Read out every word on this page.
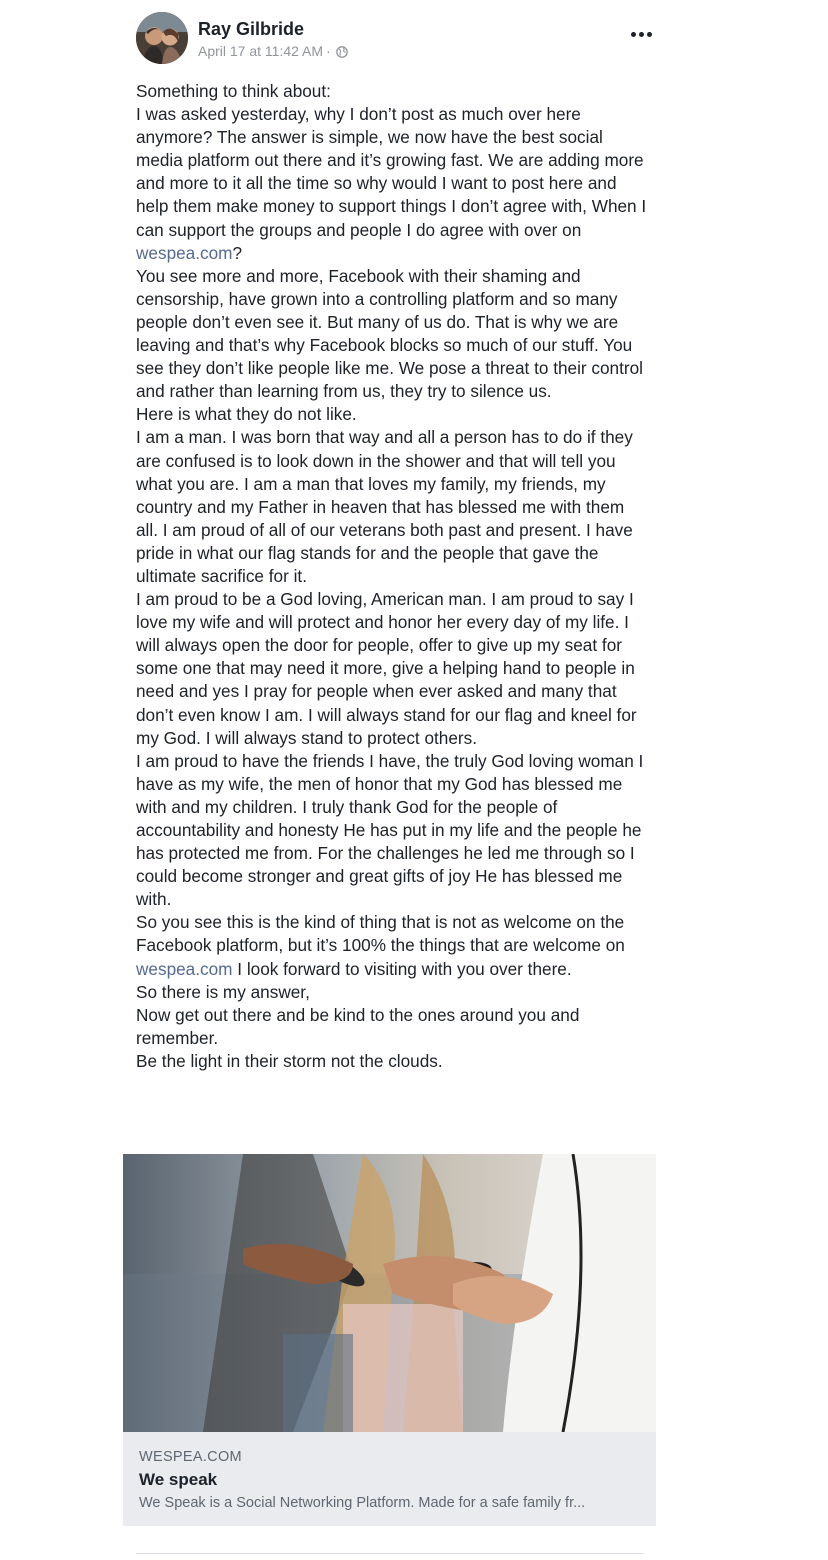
Ray Gilbride
April 17 at 11:42 AM ·

Something to think about:

I was asked yesterday, why I don’t post as much over here anymore? The answer is simple, we now have the best social media platform out there and it’s growing fast. We are adding more and more to it all the time so why would I want to post here and help them make money to support things I don’t agree with, When I can support the groups and people I do agree with over on wespea.com?

You see more and more, Facebook with their shaming and censorship, have grown into a controlling platform and so many people don’t even see it. But many of us do. That is why we are leaving and that’s why Facebook blocks so much of our stuff. You see they don’t like people like me. We pose a threat to their control and rather than learning from us, they try to silence us.

Here is what they do not like.

I am a man. I was born that way and all a person has to do if they are confused is to look down in the shower and that will tell you what you are. I am a man that loves my family, my friends, my country and my Father in heaven that has blessed me with them all. I am proud of all of our veterans both past and present. I have pride in what our flag stands for and the people that gave the ultimate sacrifice for it.

I am proud to be a God loving, American man. I am proud to say I love my wife and will protect and honor her every day of my life. I will always open the door for people, offer to give up my seat for some one that may need it more, give a helping hand to people in need and yes I pray for people when ever asked and many that don’t even know I am. I will always stand for our flag and kneel for my God. I will always stand to protect others.

I am proud to have the friends I have, the truly God loving woman I have as my wife, the men of honor that my God has blessed me with and my children. I truly thank God for the people of accountability and honesty He has put in my life and the people he has protected me from. For the challenges he led me through so I could become stronger and great gifts of joy He has blessed me with.

So you see this is the kind of thing that is not as welcome on the Facebook platform, but it’s 100% the things that are welcome on wespea.com I look forward to visiting with you over there.

So there is my answer,

Now get out there and be kind to the ones around you and remember.

Be the light in their storm not the clouds.

WESPEA.COM
We speak
We Speak is a Social Networking Platform. Made for a safe family fr...
